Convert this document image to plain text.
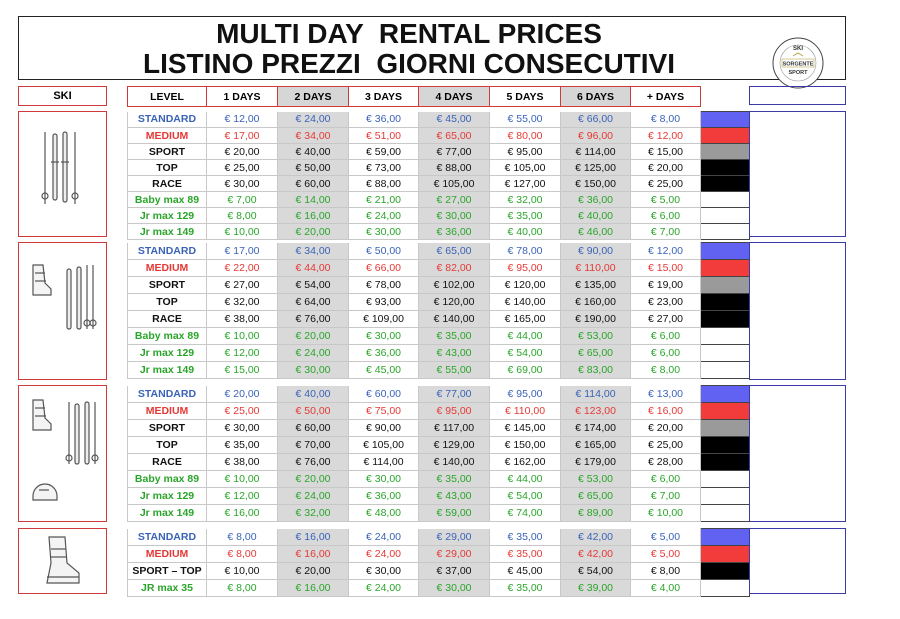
MULTI DAY  RENTAL PRICES
LISTINO PREZZI  GIORNI CONSECUTIVI	SKI
SORGENTE
SPORT
SKI	LEVEL	1 DAYS	2 DAYS	3 DAYS	4 DAYS	5 DAYS	6 DAYS	+ DAYS
STANDARD	€ 12,00	€ 24,00	€ 36,00	€ 45,00	€ 55,00	€ 66,00	€ 8,00	
MEDIUM	€ 17,00	€ 34,00	€ 51,00	€ 65,00	€ 80,00	€ 96,00	€ 12,00	
SPORT	€ 20,00	€ 40,00	€ 59,00	€ 77,00	€ 95,00	€ 114,00	€ 15,00	
TOP	€ 25,00	€ 50,00	€ 73,00	€ 88,00	€ 105,00	€ 125,00	€ 20,00	
RACE	€ 30,00	€ 60,00	€ 88,00	€ 105,00	€ 127,00	€ 150,00	€ 25,00	
Baby max 89	€ 7,00	€ 14,00	€ 21,00	€ 27,00	€ 32,00	€ 36,00	€ 5,00	
Jr max 129	€ 8,00	€ 16,00	€ 24,00	€ 30,00	€ 35,00	€ 40,00	€ 6,00	
Jr max 149	€ 10,00	€ 20,00	€ 30,00	€ 36,00	€ 40,00	€ 46,00	€ 7,00	
STANDARD	€ 17,00	€ 34,00	€ 50,00	€ 65,00	€ 78,00	€ 90,00	€ 12,00	
MEDIUM	€ 22,00	€ 44,00	€ 66,00	€ 82,00	€ 95,00	€ 110,00	€ 15,00	
SPORT	€ 27,00	€ 54,00	€ 78,00	€ 102,00	€ 120,00	€ 135,00	€ 19,00	
TOP	€ 32,00	€ 64,00	€ 93,00	€ 120,00	€ 140,00	€ 160,00	€ 23,00	
RACE	€ 38,00	€ 76,00	€ 109,00	€ 140,00	€ 165,00	€ 190,00	€ 27,00	
Baby max 89	€ 10,00	€ 20,00	€ 30,00	€ 35,00	€ 44,00	€ 53,00	€ 6,00	
Jr max 129	€ 12,00	€ 24,00	€ 36,00	€ 43,00	€ 54,00	€ 65,00	€ 6,00	
Jr max 149	€ 15,00	€ 30,00	€ 45,00	€ 55,00	€ 69,00	€ 83,00	€ 8,00	
STANDARD	€ 20,00	€ 40,00	€ 60,00	€ 77,00	€ 95,00	€ 114,00	€ 13,00	
MEDIUM	€ 25,00	€ 50,00	€ 75,00	€ 95,00	€ 110,00	€ 123,00	€ 16,00	
SPORT	€ 30,00	€ 60,00	€ 90,00	€ 117,00	€ 145,00	€ 174,00	€ 20,00	
TOP	€ 35,00	€ 70,00	€ 105,00	€ 129,00	€ 150,00	€ 165,00	€ 25,00	
RACE	€ 38,00	€ 76,00	€ 114,00	€ 140,00	€ 162,00	€ 179,00	€ 28,00	
Baby max 89	€ 10,00	€ 20,00	€ 30,00	€ 35,00	€ 44,00	€ 53,00	€ 6,00	
Jr max 129	€ 12,00	€ 24,00	€ 36,00	€ 43,00	€ 54,00	€ 65,00	€ 7,00	
Jr max 149	€ 16,00	€ 32,00	€ 48,00	€ 59,00	€ 74,00	€ 89,00	€ 10,00	
STANDARD	€ 8,00	€ 16,00	€ 24,00	€ 29,00	€ 35,00	€ 42,00	€ 5,00	
MEDIUM	€ 8,00	€ 16,00	€ 24,00	€ 29,00	€ 35,00	€ 42,00	€ 5,00	
SPORT – TOP	€ 10,00	€ 20,00	€ 30,00	€ 37,00	€ 45,00	€ 54,00	€ 8,00	
JR max 35	€ 8,00	€ 16,00	€ 24,00	€ 30,00	€ 35,00	€ 39,00	€ 4,00	
